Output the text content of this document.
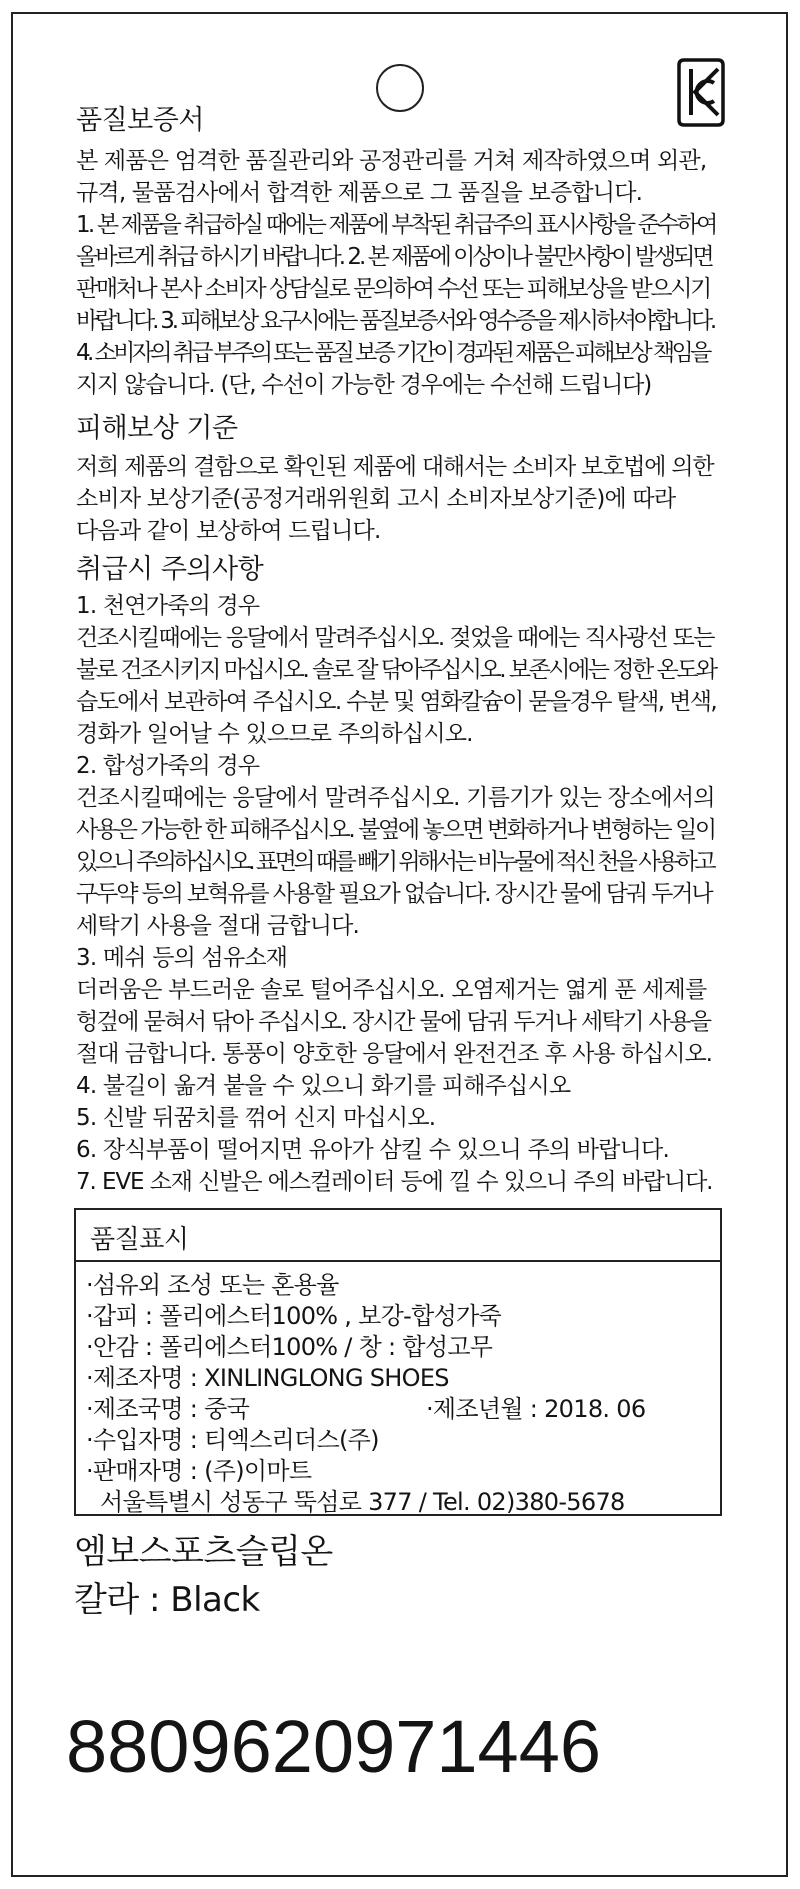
품질보증서
본 제품은 엄격한 품질관리와 공정관리를 거쳐 제작하였으며 외관,
규격, 물품검사에서 합격한 제품으로 그 품질을 보증합니다.
1. 본 제품을 취급하실 때에는 제품에 부착된 취급주의 표시사항을 준수하여
올바르게 취급 하시기 바랍니다. 2. 본 제품에 이상이나 불만사항이 발생되면
판매처나 본사 소비자 상담실로 문의하여 수선 또는 피해보상을 받으시기
바랍니다. 3. 피해보상 요구시에는 품질보증서와 영수증을 제시하셔야합니다.
4. 소비자의 취급 부주의 또는 품질 보증 기간이 경과된 제품은 피해보상 책임을
지지 않습니다. (단, 수선이 가능한 경우에는 수선해 드립니다)
피해보상 기준
저희 제품의 결함으로 확인된 제품에 대해서는 소비자 보호법에 의한
소비자 보상기준(공정거래위원회 고시 소비자보상기준)에 따라
다음과 같이 보상하여 드립니다.
취급시 주의사항
1. 천연가죽의 경우
건조시킬때에는 응달에서 말려주십시오. 젖었을 때에는 직사광선 또는
불로 건조시키지 마십시오. 솔로 잘 닦아주십시오. 보존시에는 정한 온도와
습도에서 보관하여 주십시오. 수분 및 염화칼슘이 묻을경우 탈색, 변색,
경화가 일어날 수 있으므로 주의하십시오.
2. 합성가죽의 경우
건조시킬때에는 응달에서 말려주십시오. 기름기가 있는 장소에서의
사용은 가능한 한 피해주십시오. 불옆에 놓으면 변화하거나 변형하는 일이
있으니 주의하십시오. 표면의 때를 빼기 위해서는 비누물에 적신 천을 사용하고
구두약 등의 보혁유를 사용할 필요가 없습니다. 장시간 물에 담궈 두거나
세탁기 사용을 절대 금합니다.
3. 메쉬 등의 섬유소재
더러움은 부드러운 솔로 털어주십시오. 오염제거는 엷게 푼 세제를
헝겊에 묻혀서 닦아 주십시오. 장시간 물에 담궈 두거나 세탁기 사용을
절대 금합니다. 통풍이 양호한 응달에서 완전건조 후 사용 하십시오.
4. 불길이 옮겨 붙을 수 있으니 화기를 피해주십시오
5. 신발 뒤꿈치를 꺾어 신지 마십시오.
6. 장식부품이 떨어지면 유아가 삼킬 수 있으니 주의 바랍니다.
7. EVE 소재 신발은 에스컬레이터 등에 낄 수 있으니 주의 바랍니다.
품질표시
·섬유외 조성 또는 혼용율
·갑피 : 폴리에스터100% , 보강-합성가죽
·안감 : 폴리에스터100% / 창 : 합성고무
·제조자명 : XINLINGLONG SHOES
·제조국명 : 중국	·제조년월 : 2018. 06
·수입자명 : 티엑스리더스(주)
·판매자명 : (주)이마트
서울특별시 성동구 뚝섬로 377 / Tel. 02)380-5678
엠보스포츠슬립온
칼라 : Black
8809620971446
